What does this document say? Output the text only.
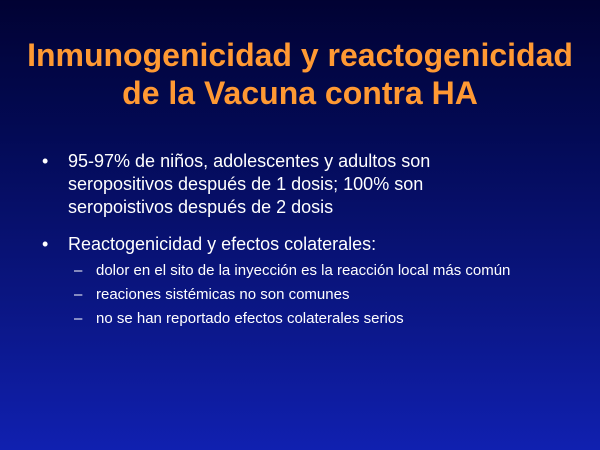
Inmunogenicidad y reactogenicidad
de la Vacuna contra HA
•	95-97% de niños, adolescentes y adultos son
seropositivos después de 1 dosis; 100% son
seropoistivos después de 2 dosis
•	Reactogenicidad y efectos colaterales:
– dolor en el sito de la inyección es la reacción local más común
– reaciones sistémicas no son comunes
– no se han reportado efectos colaterales serios
